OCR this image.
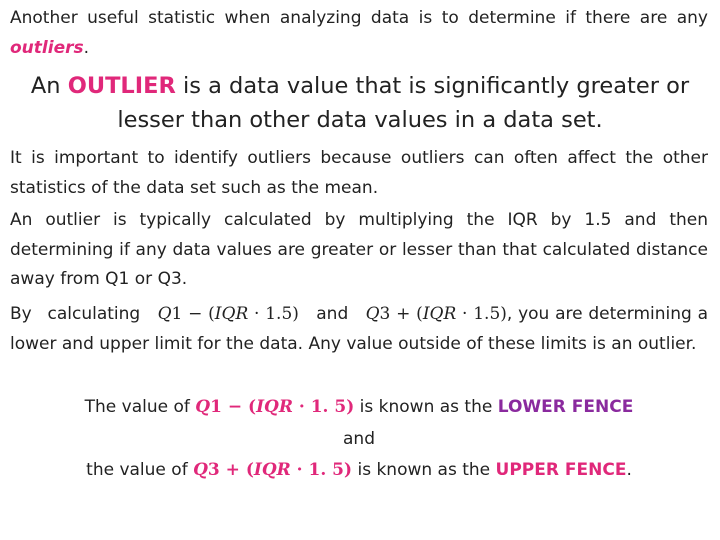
Another useful statistic when analyzing data is to determine if there are any outliers.

An OUTLIER is a data value that is significantly greater or lesser than other data values in a data set.

It is important to identify outliers because outliers can often affect the other statistics of the data set such as the mean.

An outlier is typically calculated by multiplying the IQR by 1.5 and then determining if any data values are greater or lesser than that calculated distance away from Q1 or Q3.

By calculating Q1 − (IQR · 1.5) and Q3 + (IQR · 1.5), you are determining a lower and upper limit for the data. Any value outside of these limits is an outlier.

The value of Q1 − (IQR · 1. 5) is known as the LOWER FENCE

and

the value of Q3 + (IQR · 1. 5) is known as the UPPER FENCE.
